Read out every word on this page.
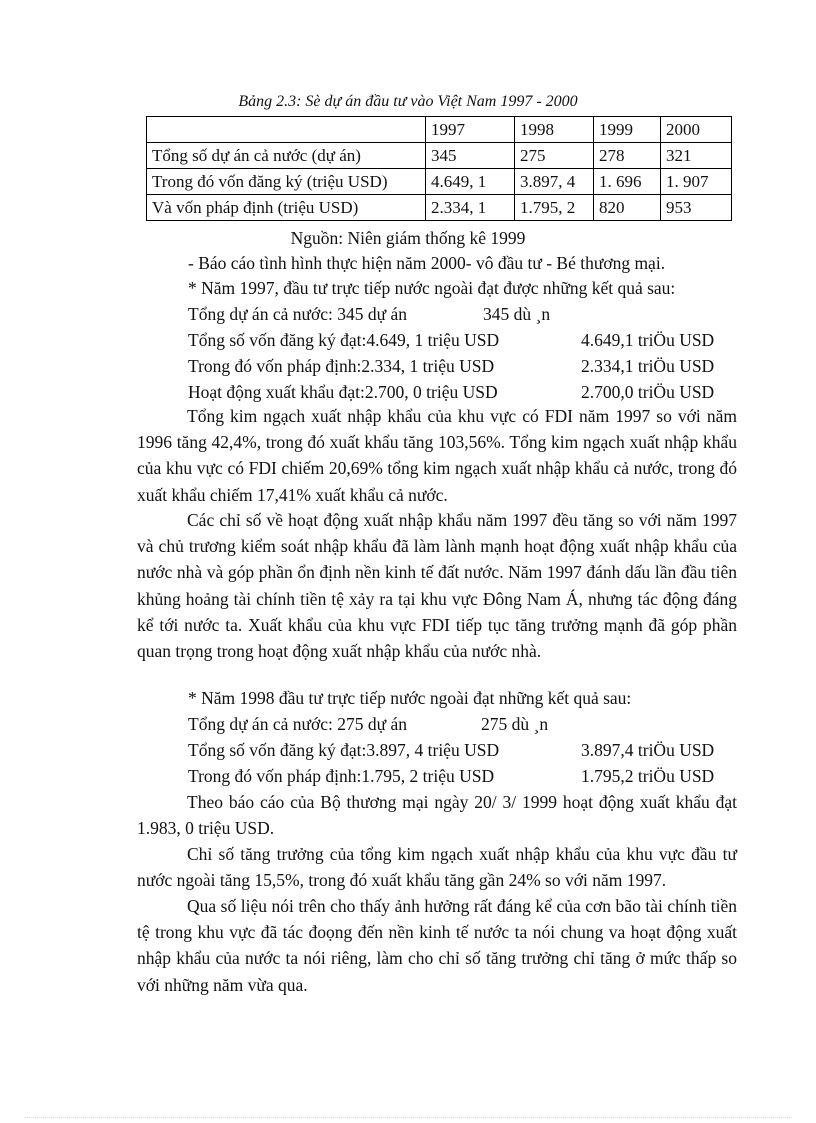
Bảng 2.3: Sè dự án đầu tư vào Việt Nam 1997 - 2000
	1997	1998	1999	2000
Tổng số dự án cả nước (dự án)	345	275	278	321
Trong đó vốn đăng ký (triệu USD)	4.649, 1	3.897, 4	1. 696	1. 907
Và vốn pháp định (triệu USD)	2.334, 1	1.795, 2	820	953
Nguồn: Niên giám thống kê 1999
- Báo cáo tình hình thực hiện năm 2000- vô đầu tư - Bé thương mại.
* Năm 1997, đầu tư trực tiếp nước ngoài đạt được những kết quả sau:
Tổng dự án cả nước: 345 dự án	345 dù ¸n
Tổng số vốn đăng ký đạt:4.649, 1 triệu USD	4.649,1 triÖu USD
Trong đó vốn pháp định:2.334, 1 triệu USD	2.334,1 triÖu USD
Hoạt động xuất khẩu đạt:2.700, 0 triệu USD	2.700,0 triÖu USD

Tổng kim ngạch xuất nhập khẩu của khu vực có FDI năm 1997 so với năm 1996 tăng 42,4%, trong đó xuất khẩu tăng 103,56%. Tổng kim ngạch xuất nhập khẩu của khu vực có FDI chiếm 20,69% tổng kim ngạch xuất nhập khẩu cả nước, trong đó xuất khẩu chiếm 17,41% xuất khẩu cả nước.

Các chỉ số về hoạt động xuất nhập khẩu năm 1997 đều tăng so với năm 1997 và chủ trương kiểm soát nhập khẩu đã làm lành mạnh hoạt động xuất nhập khẩu của nước nhà và góp phần ổn định nền kinh tế đất nước. Năm 1997 đánh dấu lần đầu tiên khủng hoảng tài chính tiền tệ xảy ra tại khu vực Đông Nam Á, nhưng tác động đáng kể tới nước ta. Xuất khẩu của khu vực FDI tiếp tục tăng trưởng mạnh đã góp phần quan trọng trong hoạt động xuất nhập khẩu của nước nhà.

* Năm 1998 đầu tư trực tiếp nước ngoài đạt những kết quả sau:
Tổng dự án cả nước: 275 dự án	275 dù ¸n
Tổng số vốn đăng ký đạt:3.897, 4 triệu USD	3.897,4 triÖu USD
Trong đó vốn pháp định:1.795, 2 triệu USD	1.795,2 triÖu USD

Theo báo cáo của Bộ thương mại ngày 20/ 3/ 1999 hoạt động xuất khẩu đạt 1.983, 0 triệu USD.

Chỉ số tăng trưởng của tổng kim ngạch xuất nhập khẩu của khu vực đầu tư nước ngoài tăng 15,5%, trong đó xuất khẩu tăng gần 24% so với năm 1997.

Qua số liệu nói trên cho thấy ảnh hưởng rất đáng kể của cơn bão tài chính tiền tệ trong khu vực đã tác đoọng đến nền kinh tế nước ta nói chung va hoạt động xuất nhập khẩu của nước ta nói riêng, làm cho chỉ số tăng trưởng chỉ tăng ở mức thấp so với những năm vừa qua.
